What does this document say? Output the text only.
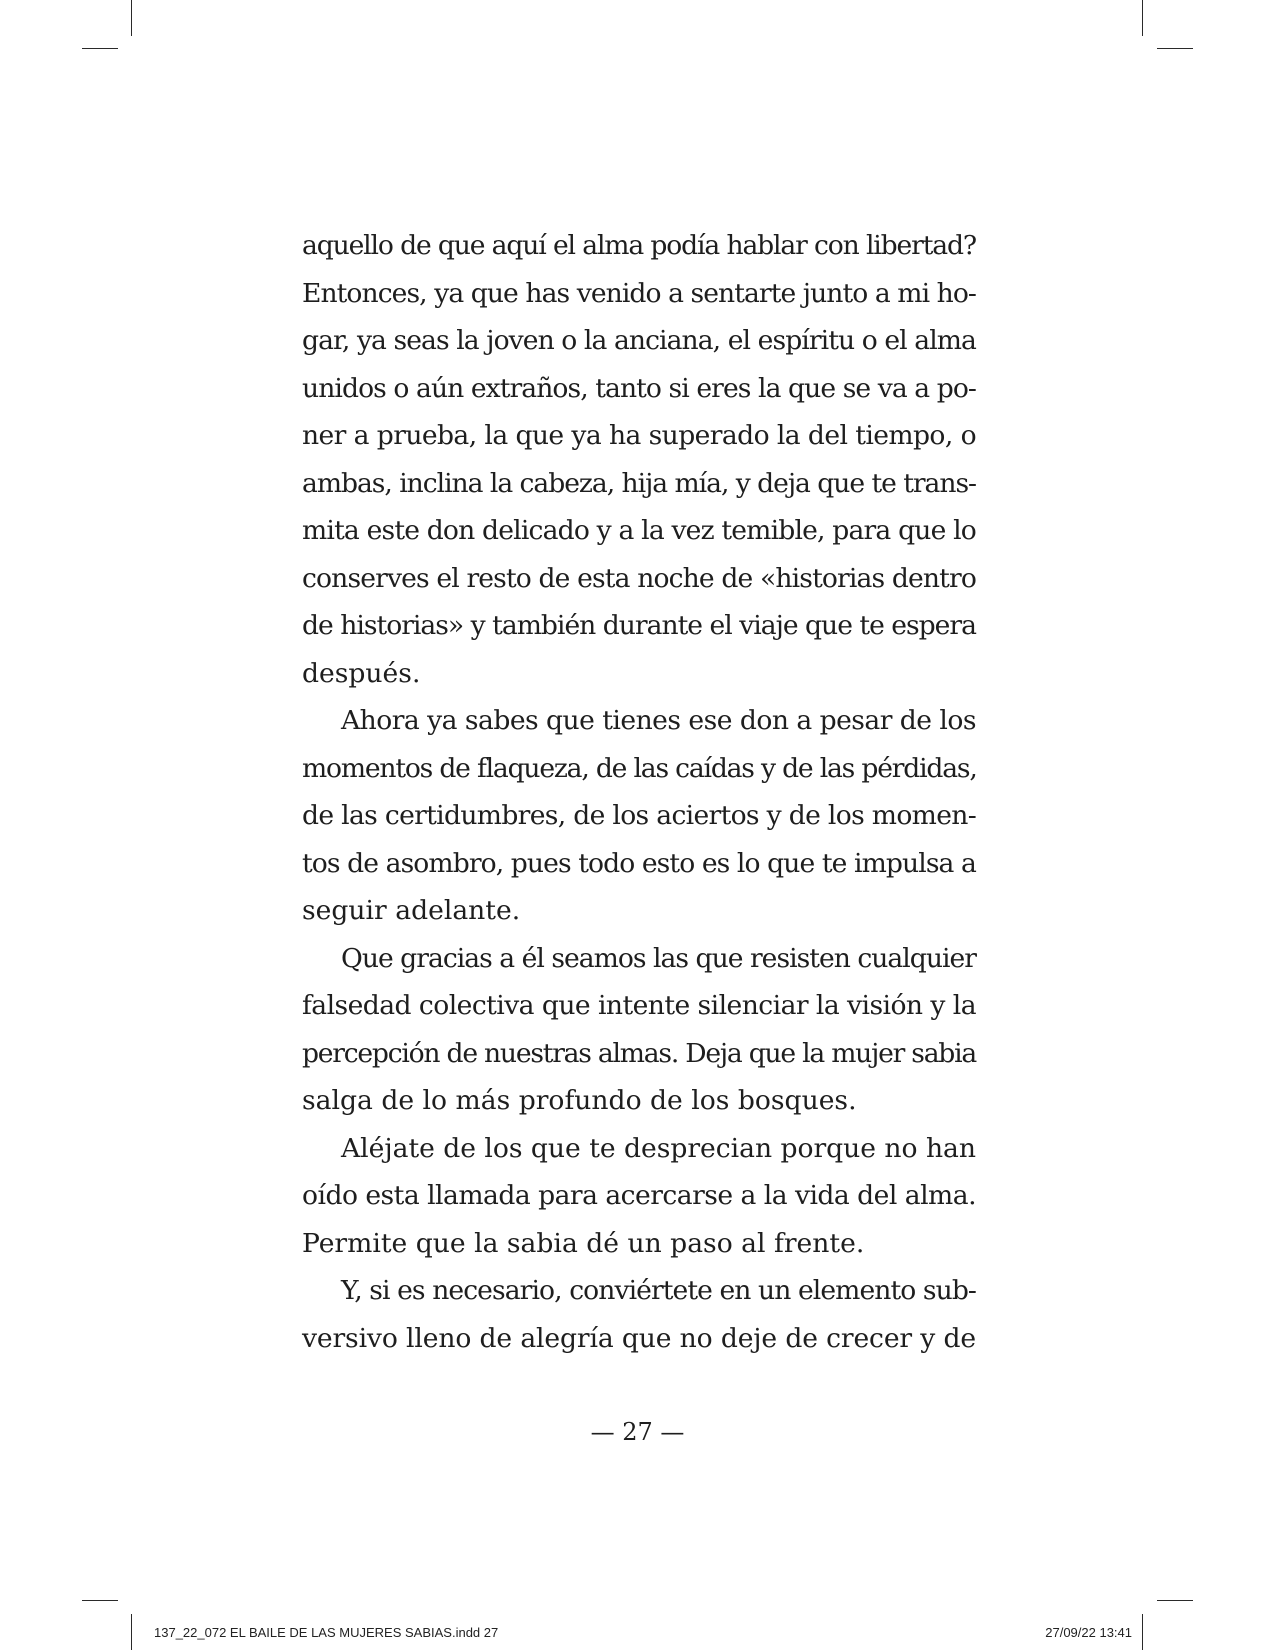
aquello de que aquí el alma podía hablar con libertad?
Entonces, ya que has venido a sentarte junto a mi ho-
gar, ya seas la joven o la anciana, el espíritu o el alma
unidos o aún extraños, tanto si eres la que se va a po-
ner a prueba, la que ya ha superado la del tiempo, o
ambas, inclina la cabeza, hija mía, y deja que te trans-
mita este don delicado y a la vez temible, para que lo
conserves el resto de esta noche de «historias dentro
de historias» y también durante el viaje que te espera
después.
Ahora ya sabes que tienes ese don a pesar de los
momentos de flaqueza, de las caídas y de las pérdidas,
de las certidumbres, de los aciertos y de los momen-
tos de asombro, pues todo esto es lo que te impulsa a
seguir adelante.
Que gracias a él seamos las que resisten cualquier
falsedad colectiva que intente silenciar la visión y la
percepción de nuestras almas. Deja que la mujer sabia
salga de lo más profundo de los bosques.
Aléjate de los que te desprecian porque no han
oído esta llamada para acercarse a la vida del alma.
Permite que la sabia dé un paso al frente.
Y, si es necesario, conviértete en un elemento sub-
versivo lleno de alegría que no deje de crecer y de
— 27 —
137_22_072 EL BAILE DE LAS MUJERES SABIAS.indd 27	27/09/22 13:41
